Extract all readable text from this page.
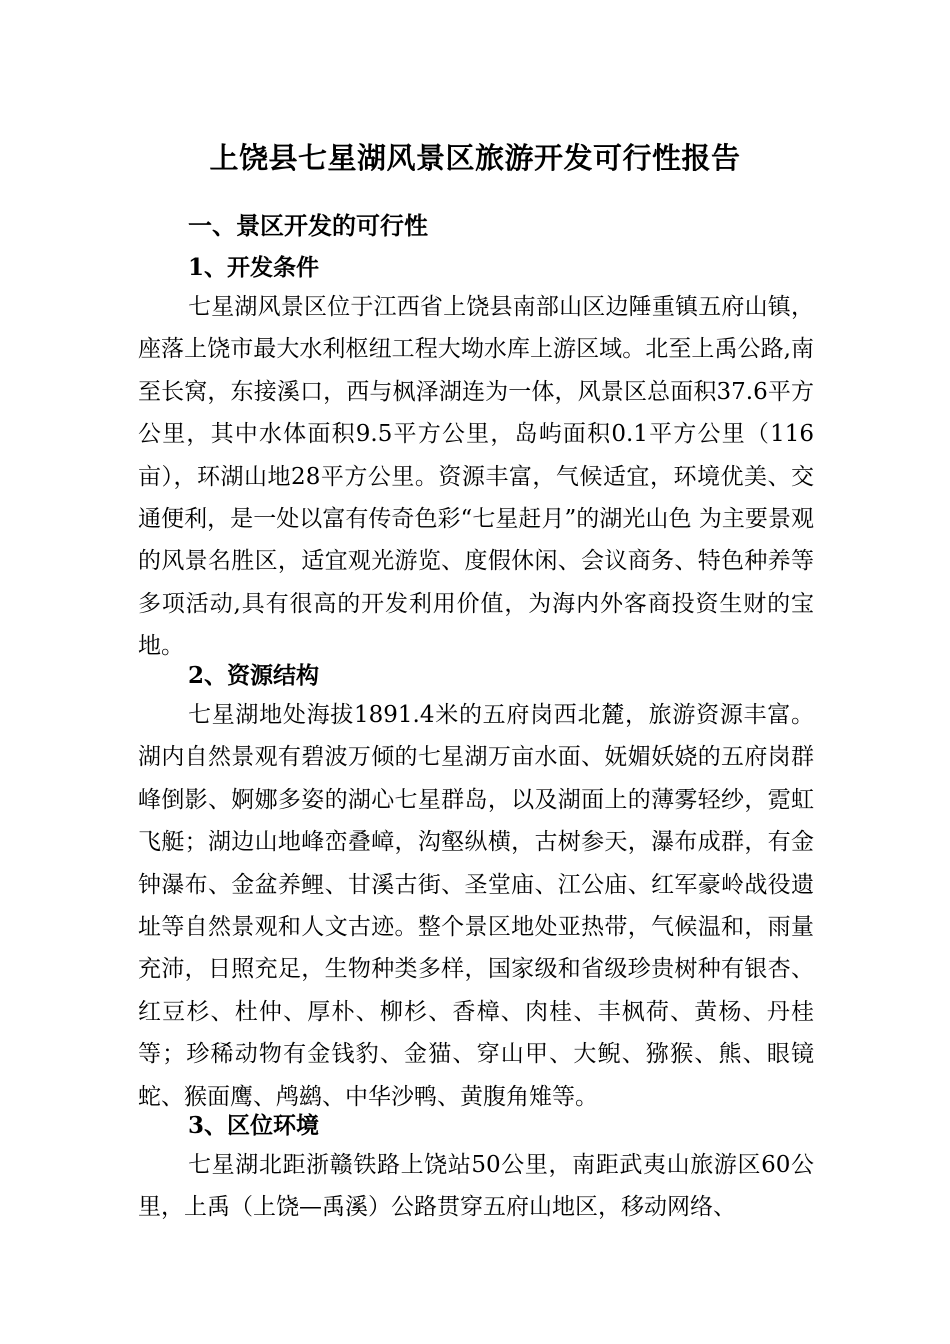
上饶县七星湖风景区旅游开发可行性报告
一、景区开发的可行性
1、开发条件

七星湖风景区位于江西省上饶县南部山区边陲重镇五府山镇，座落上饶市最大水利枢纽工程大坳水库上游区域。北至上禹公路,南至长窝，东接溪口，西与枫泽湖连为一体，风景区总面积37.6平方公里，其中水体面积9.5平方公里，岛屿面积0.1平方公里（116亩），环湖山地28平方公里。资源丰富，气候适宜，环境优美、交通便利，是一处以富有传奇色彩“七星赶月”的湖光山色 为主要景观的风景名胜区，适宜观光游览、度假休闲、会议商务、特色种养等多项活动,具有很高的开发利用价值，为海内外客商投资生财的宝地。

2、资源结构

七星湖地处海拔1891.4米的五府岗西北麓，旅游资源丰富。湖内自然景观有碧波万倾的七星湖万亩水面、妩媚妖娆的五府岗群峰倒影、婀娜多姿的湖心七星群岛，以及湖面上的薄雾轻纱，霓虹飞艇；湖边山地峰峦叠嶂，沟壑纵横，古树参天，瀑布成群，有金钟瀑布、金盆养鲤、甘溪古街、圣堂庙、江公庙、红军豪岭战役遗址等自然景观和人文古迹。整个景区地处亚热带，气候温和，雨量充沛，日照充足，生物种类多样，国家级和省级珍贵树种有银杏、红豆杉、杜仲、厚朴、柳杉、香樟、肉桂、丰枫荷、黄杨、丹桂等；珍稀动物有金钱豹、金猫、穿山甲、大鲵、猕猴、熊、眼镜蛇、猴面鹰、鸬鹚、中华沙鸭、黄腹角雉等。

3、区位环境

七星湖北距浙赣铁路上饶站50公里，南距武夷山旅游区60公里，上禹（上饶—禹溪）公路贯穿五府山地区，移动网络、
